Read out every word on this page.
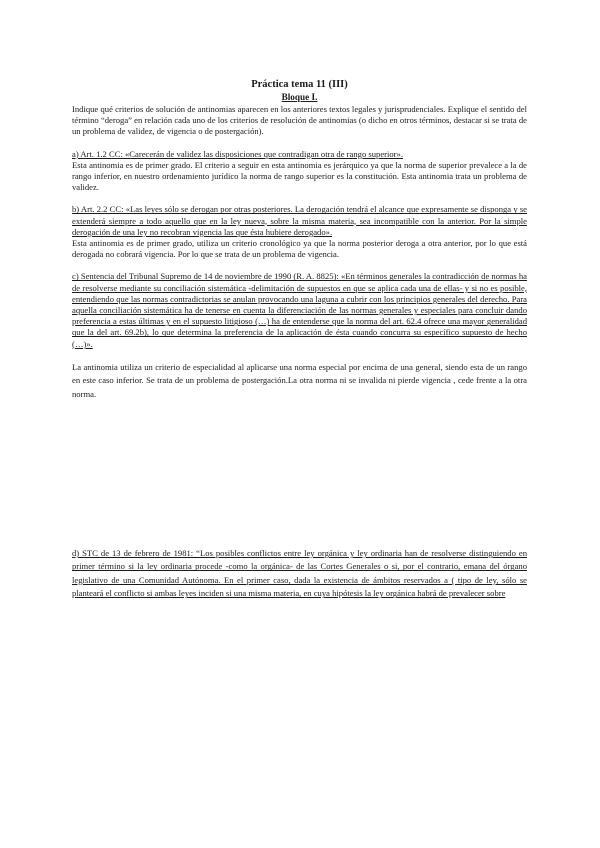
Práctica tema 11 (III)
Bloque I.

Indique qué criterios de solución de antinomias aparecen en los anteriores textos legales y jurisprudenciales. Explique el sentido del término “deroga” en relación cada uno de los criterios de resolución de antinomias (o dicho en otros términos, destacar si se trata de un problema de validez, de vigencia o de postergación).

a) Art. 1.2 CC: «Carecerán de validez las disposiciones que contradigan otra de rango superior».

Esta antinomia es de primer grado. El criterio a seguir en esta antinomia es jerárquico ya que la norma de superior prevalece a la de rango inferior, en nuestro ordenamiento jurídico la norma de rango superior es la constitución. Esta antinomia trata un problema de validez.

b) Art. 2.2 CC: «Las leyes sólo se derogan por otras posteriores. La derogación tendrá el alcance que expresamente se disponga y se extenderá siempre a todo aquello que en la ley nueva, sobre la misma materia, sea incompatible con la anterior. Por la simple derogación de una ley no recobran vigencia las que ésta hubiere derogado».

Esta antinomia es de primer grado, utiliza un criterio cronológico ya que la norma posterior deroga a otra anterior, por lo que está derogada no cobrará vigencia. Por lo que se trata de un problema de vigencia.

c) Sentencia del Tribunal Supremo de 14 de noviembre de 1990 (R. A. 8825): «En términos generales la contradicción de normas ha de resolverse mediante su conciliación sistemática -delimitación de supuestos en que se aplica cada una de ellas- y si no es posible, entendiendo que las normas contradictorias se anulan provocando una laguna a cubrir con los principios generales del derecho. Para aquella conciliación sistemática ha de tenerse en cuenta la diferenciación de las normas generales y especiales para concluir dando preferencia a estas últimas y en el supuesto litigioso (…) ha de entenderse que la norma del art. 62.4 ofrece una mayor generalidad que la del art. 69.2b), lo que determina la preferencia de la aplicación de ésta cuando concurra su específico supuesto de hecho (…)».

La antinomia utiliza un criterio de especialidad al aplicarse una norma especial por encima de una general, siendo esta de un rango en este caso inferior. Se trata de un problema de postergación.La otra norma ni se invalida ni pierde vigencia , cede frente a la otra norma.

d) STC de 13 de febrero de 1981: “Los posibles conflictos entre ley orgánica y ley ordinaria han de resolverse distinguiendo en primer término si la ley ordinaria procede -como la orgánica- de las Cortes Generales o si, por el contrario, emana del órgano legislativo de una Comunidad Autónoma. En el primer caso, dada la existencia de ámbitos reservados a ( tipo de ley, sólo se planteará el conflicto si ambas leyes inciden si una misma materia, en cuya hipótesis la ley orgánica habrá de prevalecer sobre
